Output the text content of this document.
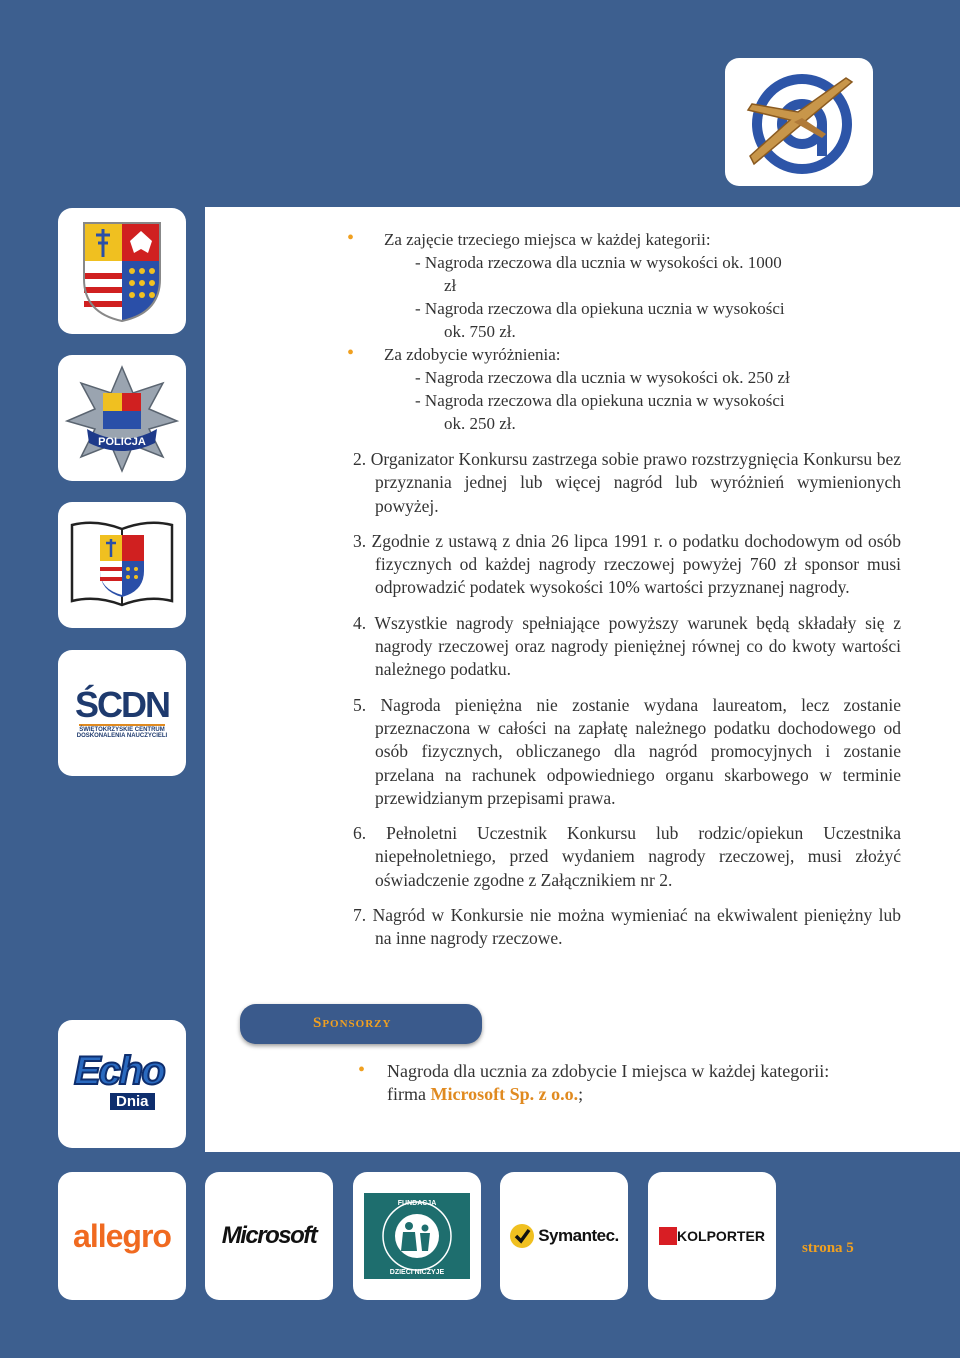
POLICJA
ŚCDN
ŚWIĘTOKRZYSKIE CENTRUM
DOSKONALENIA NAUCZYCIELI
Echo
Dnia
allegro Microsoft
FUNDACJA
DZIECI NICZYJE
Symantec.	KOLPORTER
• Za zajęcie trzeciego miejsca w każdej kategorii:
- Nagroda rzeczowa dla ucznia w wysokości ok. 1000
zł
- Nagroda rzeczowa dla opiekuna ucznia w wysokości
ok. 750 zł.
• Za zdobycie wyróżnienia:
- Nagroda rzeczowa dla ucznia w wysokości ok. 250 zł
- Nagroda rzeczowa dla opiekuna ucznia w wysokości
ok. 250 zł.
2. Organizator Konkursu zastrzega sobie prawo rozstrzygnięcia Konkursu bez przyznania jednej lub więcej nagród lub wyróżnień wymienionych powyżej.
3. Zgodnie z ustawą z dnia 26 lipca 1991 r. o podatku dochodowym od osób fizycznych od każdej nagrody rzeczowej powyżej 760 zł sponsor musi odprowadzić podatek wysokości 10% wartości przyznanej nagrody.
4. Wszystkie nagrody spełniające powyższy warunek będą składały się z nagrody rzeczowej oraz nagrody pieniężnej równej co do kwoty wartości należnego podatku.
5. Nagroda pieniężna nie zostanie wydana laureatom, lecz zostanie przeznaczona w całości na zapłatę należnego podatku dochodowego od osób fizycznych, obliczanego dla nagród promocyjnych i zostanie przelana na rachunek odpowiedniego organu skarbowego w terminie przewidzianym przepisami prawa.
6. Pełnoletni Uczestnik Konkursu lub rodzic/opiekun Uczestnika niepełnoletniego, przed wydaniem nagrody rzeczowej, musi złożyć oświadczenie zgodne z Załącznikiem nr 2.
7. Nagród w Konkursie nie można wymieniać na ekwiwalent pieniężny lub na inne nagrody rzeczowe.
Sponsorzy
• Nagroda dla ucznia za zdobycie I miejsca w każdej kategorii:
firma Microsoft Sp. z o.o.;
strona 5
